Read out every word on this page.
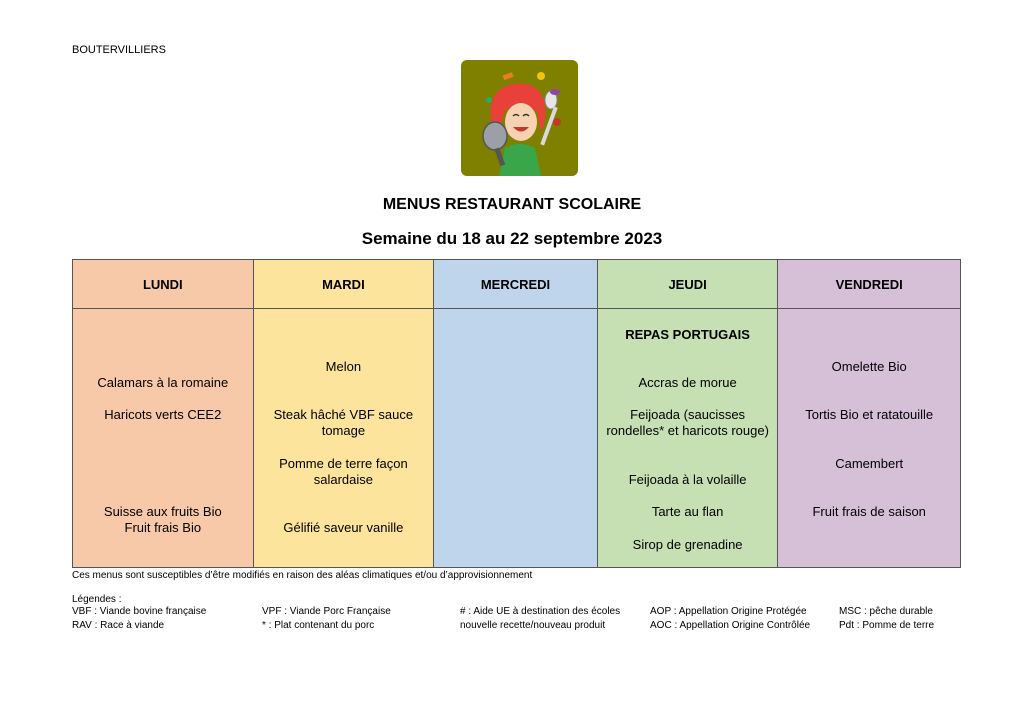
BOUTERVILLIERS
MENUS RESTAURANT SCOLAIRE
Semaine du 18 au 22 septembre 2023
LUNDI
Calamars à la romaine
Haricots verts CEE2
Suisse aux fruits Bio
Fruit frais Bio
MARDI
Melon
Steak hâché VBF sauce tomage
Pomme de terre façon salardaise
Gélifié saveur vanille
MERCREDI	JEUDI
REPAS PORTUGAIS
Accras de morue
Feijoada (saucisses rondelles* et haricots rouge)
Feijoada à la volaille
Tarte au flan
Sirop de grenadine
VENDREDI
Omelette Bio
Tortis Bio et ratatouille
Camembert
Fruit frais de saison
Ces menus sont susceptibles d’être modifiés en raison des aléas climatiques et/ou d’approvisionnement
Légendes :
VBF : Viande bovine française
RAV : Race à viande
VPF : Viande Porc Française
* : Plat contenant du porc
# : Aide UE à destination des écoles
nouvelle recette/nouveau produit
AOP : Appellation Origine Protégée
AOC : Appellation Origine Contrôlée
MSC : pêche durable
Pdt : Pomme de terre
